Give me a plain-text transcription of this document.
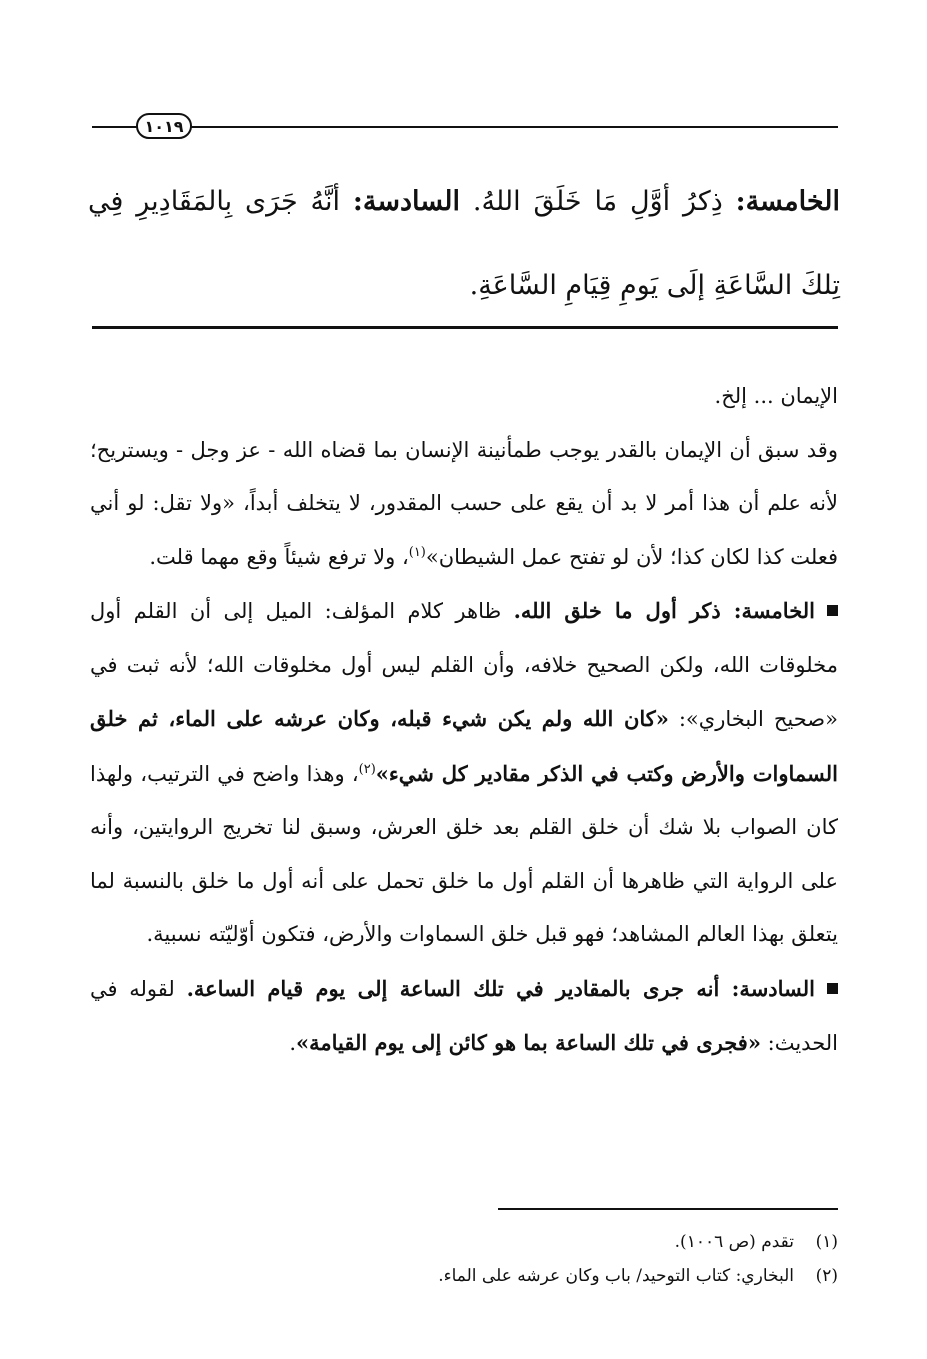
١٠١٩
الخامسة: ذِكرُ أوَّلِ مَا خَلَقَ اللهُ. السادسة: أنَّهُ جَرَى بِالمَقَادِيرِ فِي تِلكَ السَّاعَةِ إلَى يَومِ قِيَامِ السَّاعَةِ.

الإيمان ... إلخ.

وقد سبق أن الإيمان بالقدر يوجب طمأنينة الإنسان بما قضاه الله - عز وجل - ويستريح؛ لأنه علم أن هذا أمر لا بد أن يقع على حسب المقدور، لا يتخلف أبداً، «ولا تقل: لو أني فعلت كذا لكان كذا؛ لأن لو تفتح عمل الشيطان»$^{(١)}$، ولا ترفع شيئاً وقع مهما قلت.

الخامسة: ذكر أول ما خلق الله. ظاهر كلام المؤلف: الميل إلى أن القلم أول مخلوقات الله، ولكن الصحيح خلافه، وأن القلم ليس أول مخلوقات الله؛ لأنه ثبت في «صحيح البخاري»: «كان الله ولم يكن شيء قبله، وكان عرشه على الماء، ثم خلق السماوات والأرض وكتب في الذكر مقادير كل شيء»$^{(٢)}$، وهذا واضح في الترتيب، ولهذا كان الصواب بلا شك أن خلق القلم بعد خلق العرش، وسبق لنا تخريج الروايتين، وأنه على الرواية التي ظاهرها أن القلم أول ما خلق تحمل على أنه أول ما خلق بالنسبة لما يتعلق بهذا العالم المشاهد؛ فهو قبل خلق السماوات والأرض، فتكون أوّليّته نسبية.

السادسة: أنه جرى بالمقادير في تلك الساعة إلى يوم قيام الساعة. لقوله في الحديث: «فجرى في تلك الساعة بما هو كائن إلى يوم القيامة».

(١)تقدم (ص ١٠٠٦).
(٢)البخاري: كتاب التوحيد/ باب وكان عرشه على الماء.
